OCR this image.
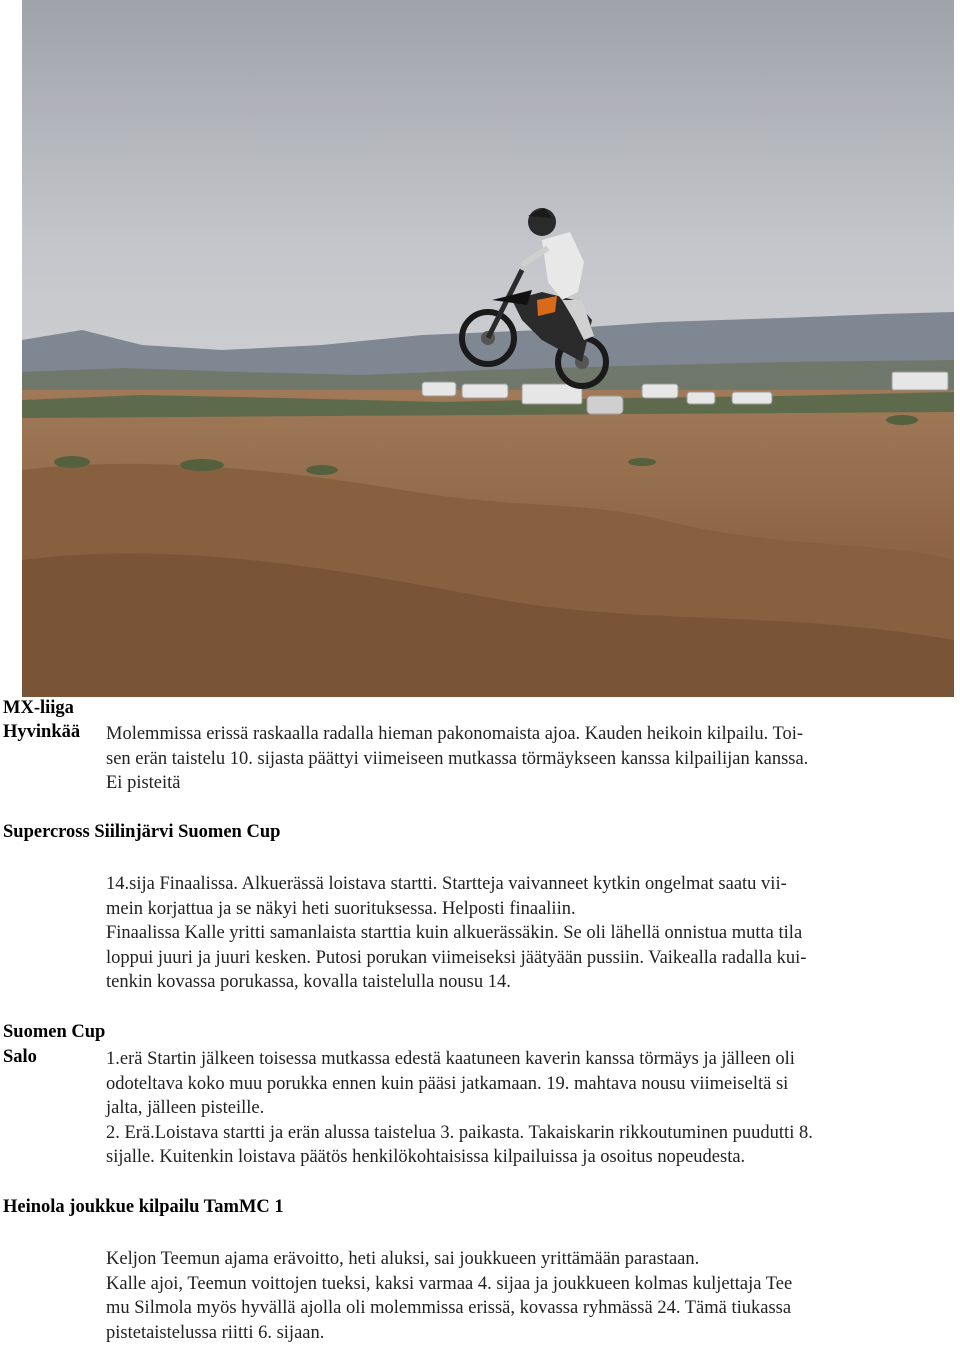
MX-liiga
Hyvinkää Molemmissa erissä raskaalla radalla hieman pakonomaista ajoa. Kauden heikoin kilpailu. Toi-
sen erän taistelu 10. sijasta päättyi viimeiseen mutkassa törmäykseen kanssa kilpailijan kanssa.
Ei pisteitä
Supercross Siilinjärvi Suomen Cup
14.sija Finaalissa. Alkuerässä loistava startti. Startteja vaivanneet kytkin ongelmat saatu vii-
mein korjattua ja se näkyi heti suorituksessa. Helposti finaaliin.
Finaalissa Kalle yritti samanlaista starttia kuin alkuerässäkin. Se oli lähellä onnistua mutta tila
loppui juuri ja juuri kesken. Putosi porukan viimeiseksi jäätyään pussiin. Vaikealla radalla kui-
tenkin kovassa porukassa, kovalla taistelulla nousu 14.
Suomen Cup
Salo	1.erä Startin jälkeen toisessa mutkassa edestä kaatuneen kaverin kanssa törmäys ja jälleen oli
odoteltava koko muu porukka ennen kuin pääsi jatkamaan. 19. mahtava nousu viimeiseltä si
jalta, jälleen pisteille.
2. Erä.Loistava startti ja erän alussa taistelua 3. paikasta. Takaiskarin rikkoutuminen puudutti 8.
sijalle. Kuitenkin loistava päätös henkilökohtaisissa kilpailuissa ja osoitus nopeudesta.
Heinola joukkue kilpailu TamMC 1
Keljon Teemun ajama erävoitto, heti aluksi, sai joukkueen yrittämään parastaan.
Kalle ajoi, Teemun voittojen tueksi, kaksi varmaa 4. sijaa ja joukkueen kolmas kuljettaja Tee
mu Silmola myös hyvällä ajolla oli molemmissa erissä, kovassa ryhmässä 24. Tämä tiukassa
pistetaistelussa riitti 6. sijaan.
